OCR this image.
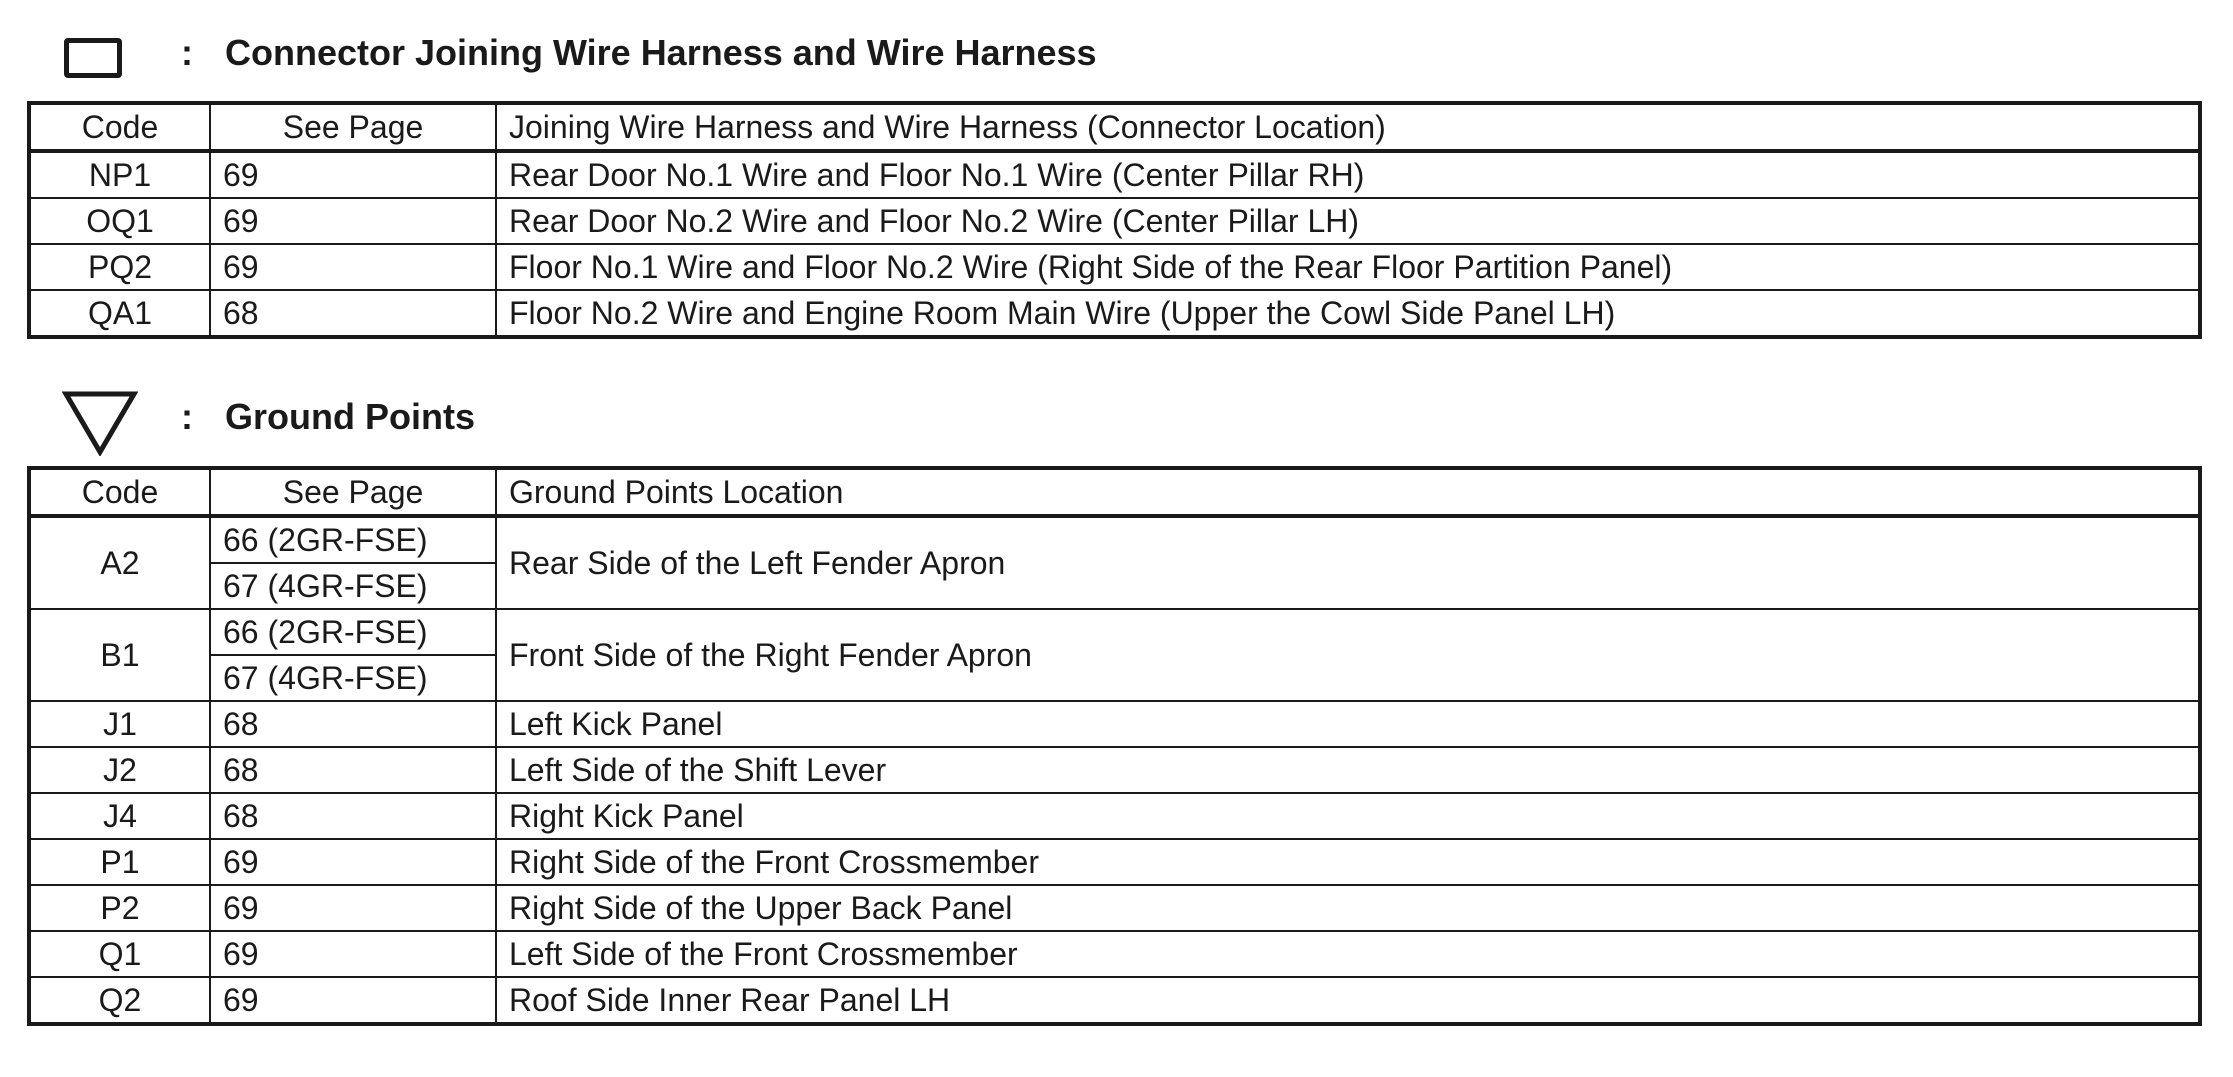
: Connector Joining Wire Harness and Wire Harness
Code	See Page	Joining Wire Harness and Wire Harness (Connector Location)
NP1	69	Rear Door No.1 Wire and Floor No.1 Wire (Center Pillar RH)
OQ1	69	Rear Door No.2 Wire and Floor No.2 Wire (Center Pillar LH)
PQ2	69	Floor No.1 Wire and Floor No.2 Wire (Right Side of the Rear Floor Partition Panel)
QA1	68	Floor No.2 Wire and Engine Room Main Wire (Upper the Cowl Side Panel LH)
: Ground Points
Code	See Page	Ground Points Location
A2	66 (2GR-FSE)	Rear Side of the Left Fender Apron
	67 (4GR-FSE)	
B1	66 (2GR-FSE)	Front Side of the Right Fender Apron
	67 (4GR-FSE)	
J1	68	Left Kick Panel
J2	68	Left Side of the Shift Lever
J4	68	Right Kick Panel
P1	69	Right Side of the Front Crossmember
P2	69	Right Side of the Upper Back Panel
Q1	69	Left Side of the Front Crossmember
Q2	69	Roof Side Inner Rear Panel LH
